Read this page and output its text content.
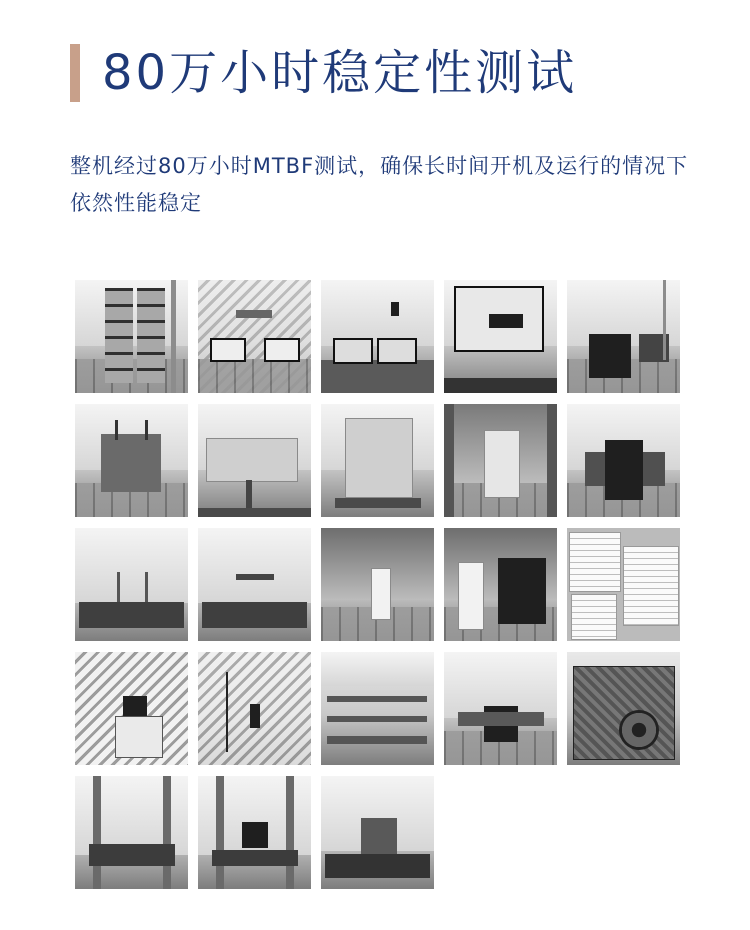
80万小时稳定性测试

整机经过80万小时MTBF测试，确保长时间开机及运行的情况下依然性能稳定
